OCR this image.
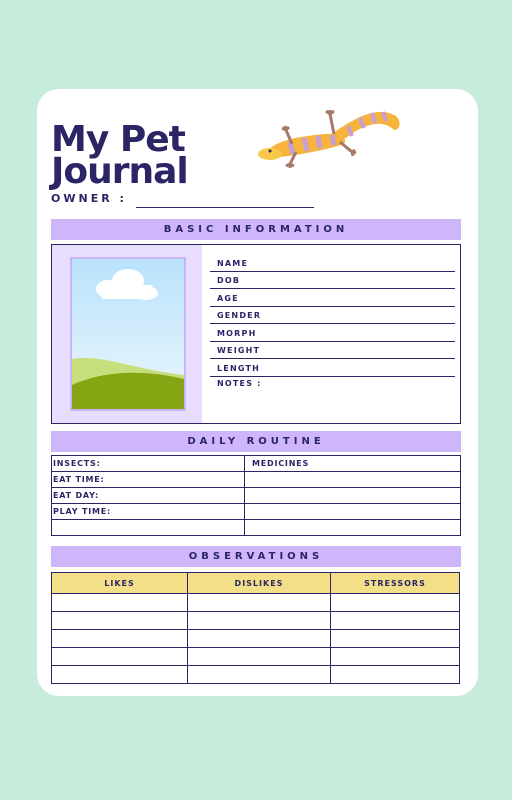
My Pet
Journal
OWNER :
BASIC INFORMATION
NAME
DOB
AGE
GENDER
MORPH
WEIGHT
LENGTH
NOTES :
DAILY ROUTINE
INSECTS:	MEDICINES
EAT TIME:	
EAT DAY:	
PLAY TIME:	

OBSERVATIONS
LIKES	DISLIKES	STRESSORS
